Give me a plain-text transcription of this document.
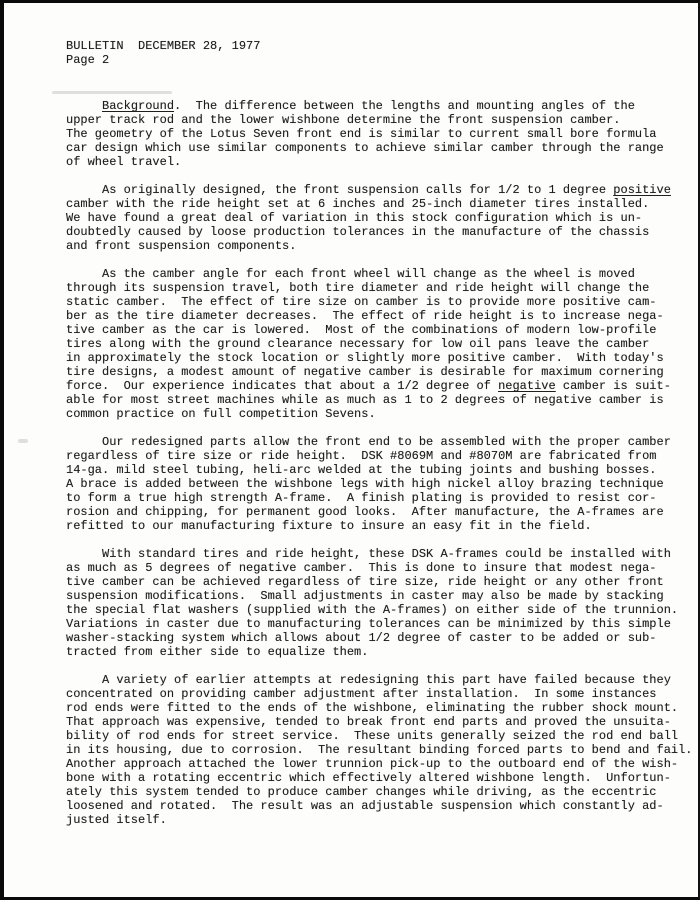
BULLETIN  DECEMBER 28, 1977
Page 2
Background.  The difference between the lengths and mounting angles of the
upper track rod and the lower wishbone determine the front suspension camber.
The geometry of the Lotus Seven front end is similar to current small bore formula
car design which use similar components to achieve similar camber through the range
of wheel travel.
As originally designed, the front suspension calls for 1/2 to 1 degree positive
camber with the ride height set at 6 inches and 25-inch diameter tires installed.
We have found a great deal of variation in this stock configuration which is un-
doubtedly caused by loose production tolerances in the manufacture of the chassis
and front suspension components.
As the camber angle for each front wheel will change as the wheel is moved
through its suspension travel, both tire diameter and ride height will change the
static camber.  The effect of tire size on camber is to provide more positive cam-
ber as the tire diameter decreases.  The effect of ride height is to increase nega-
tive camber as the car is lowered.  Most of the combinations of modern low-profile
tires along with the ground clearance necessary for low oil pans leave the camber
in approximately the stock location or slightly more positive camber.  With today's
tire designs, a modest amount of negative camber is desirable for maximum cornering
force.  Our experience indicates that about a 1/2 degree of negative camber is suit-
able for most street machines while as much as 1 to 2 degrees of negative camber is
common practice on full competition Sevens.
Our redesigned parts allow the front end to be assembled with the proper camber
regardless of tire size or ride height.  DSK #8069M and #8070M are fabricated from
14-ga. mild steel tubing, heli-arc welded at the tubing joints and bushing bosses.
A brace is added between the wishbone legs with high nickel alloy brazing technique
to form a true high strength A-frame.  A finish plating is provided to resist cor-
rosion and chipping, for permanent good looks.  After manufacture, the A-frames are
refitted to our manufacturing fixture to insure an easy fit in the field.
With standard tires and ride height, these DSK A-frames could be installed with
as much as 5 degrees of negative camber.  This is done to insure that modest nega-
tive camber can be achieved regardless of tire size, ride height or any other front
suspension modifications.  Small adjustments in caster may also be made by stacking
the special flat washers (supplied with the A-frames) on either side of the trunnion.
Variations in caster due to manufacturing tolerances can be minimized by this simple
washer-stacking system which allows about 1/2 degree of caster to be added or sub-
tracted from either side to equalize them.
A variety of earlier attempts at redesigning this part have failed because they
concentrated on providing camber adjustment after installation.  In some instances
rod ends were fitted to the ends of the wishbone, eliminating the rubber shock mount.
That approach was expensive, tended to break front end parts and proved the unsuita-
bility of rod ends for street service.  These units generally seized the rod end ball
in its housing, due to corrosion.  The resultant binding forced parts to bend and fail.
Another approach attached the lower trunnion pick-up to the outboard end of the wish-
bone with a rotating eccentric which effectively altered wishbone length.  Unfortun-
ately this system tended to produce camber changes while driving, as the eccentric
loosened and rotated.  The result was an adjustable suspension which constantly ad-
justed itself.
